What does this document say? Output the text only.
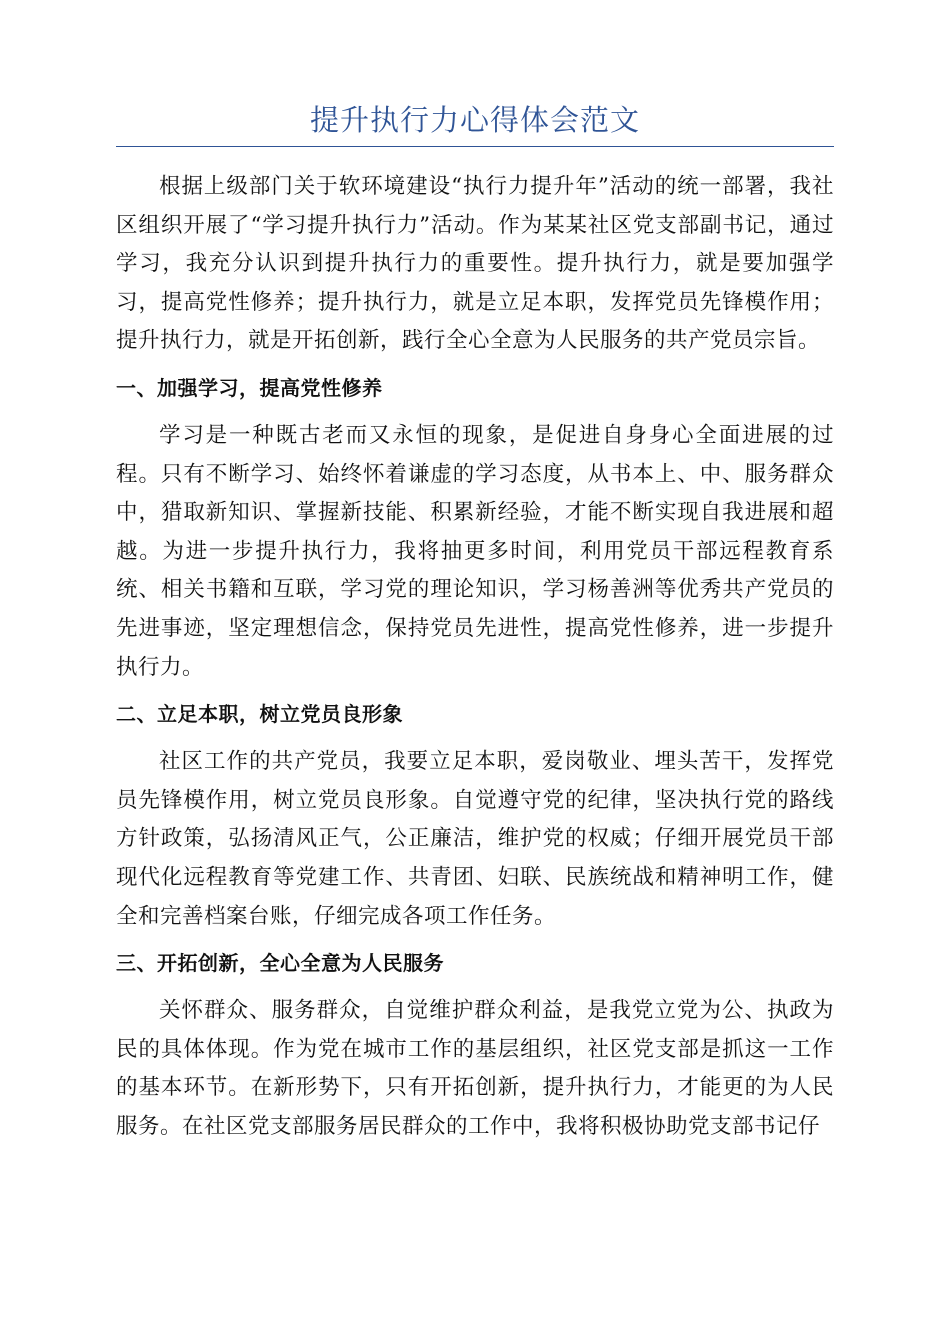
提升执行力心得体会范文

根据上级部门关于软环境建设“执行力提升年”活动的统一部署，我社区组织开展了“学习提升执行力”活动。作为某某社区党支部副书记，通过学习，我充分认识到提升执行力的重要性。提升执行力，就是要加强学习，提高党性修养；提升执行力，就是立足本职，发挥党员先锋模作用；提升执行力，就是开拓创新，践行全心全意为人民服务的共产党员宗旨。

一、加强学习，提高党性修养

学习是一种既古老而又永恒的现象，是促进自身身心全面进展的过程。只有不断学习、始终怀着谦虚的学习态度，从书本上、中、服务群众中，猎取新知识、掌握新技能、积累新经验，才能不断实现自我进展和超越。为进一步提升执行力，我将抽更多时间，利用党员干部远程教育系统、相关书籍和互联，学习党的理论知识，学习杨善洲等优秀共产党员的先进事迹，坚定理想信念，保持党员先进性，提高党性修养，进一步提升执行力。

二、立足本职，树立党员良形象

社区工作的共产党员，我要立足本职，爱岗敬业、埋头苦干，发挥党员先锋模作用，树立党员良形象。自觉遵守党的纪律，坚决执行党的路线方针政策，弘扬清风正气，公正廉洁，维护党的权威；仔细开展党员干部现代化远程教育等党建工作、共青团、妇联、民族统战和精神明工作，健全和完善档案台账，仔细完成各项工作任务。

三、开拓创新，全心全意为人民服务

关怀群众、服务群众，自觉维护群众利益，是我党立党为公、执政为民的具体体现。作为党在城市工作的基层组织，社区党支部是抓这一工作的基本环节。在新形势下，只有开拓创新，提升执行力，才能更的为人民服务。在社区党支部服务居民群众的工作中，我将积极协助党支部书记仔
